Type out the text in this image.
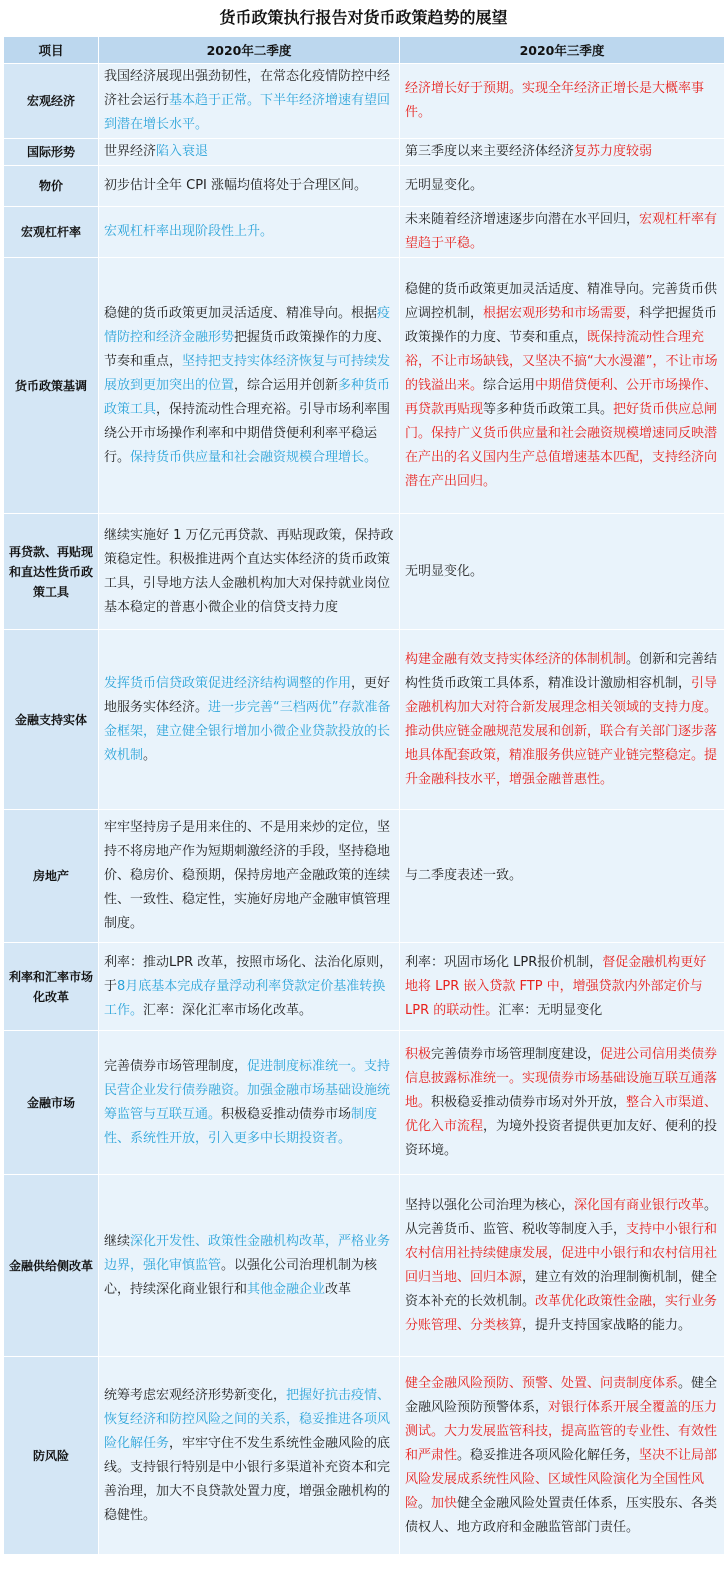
货币政策执行报告对货币政策趋势的展望
项目	2020年二季度	2020年三季度
宏观经济	我国经济展现出强劲韧性，在常态化疫情防控中经济社会运行基本趋于正常。下半年经济增速有望回到潜在增长水平。	经济增长好于预期。实现全年经济正增长是大概率事件。
国际形势	世界经济陷入衰退	第三季度以来主要经济体经济复苏力度较弱
物价	初步估计全年 CPI 涨幅均值将处于合理区间。	无明显变化。
宏观杠杆率	宏观杠杆率出现阶段性上升。	未来随着经济增速逐步向潜在水平回归，宏观杠杆率有望趋于平稳。
货币政策基调	稳健的货币政策更加灵活适度、精准导向。根据疫情防控和经济金融形势把握货币政策操作的力度、节奏和重点，坚持把支持实体经济恢复与可持续发展放到更加突出的位置，综合运用并创新多种货币政策工具，保持流动性合理充裕。引导市场利率围绕公开市场操作利率和中期借贷便利利率平稳运行。保持货币供应量和社会融资规模合理增长。	稳健的货币政策更加灵活适度、精准导向。完善货币供应调控机制，根据宏观形势和市场需要，科学把握货币政策操作的力度、节奏和重点，既保持流动性合理充裕，不让市场缺钱，又坚决不搞“大水漫灌”，不让市场的钱溢出来。综合运用中期借贷便利、公开市场操作、再贷款再贴现等多种货币政策工具。把好货币供应总闸门。保持广义货币供应量和社会融资规模增速同反映潜在产出的名义国内生产总值增速基本匹配，支持经济向潜在产出回归。
再贷款、再贴现和直达性货币政策工具	继续实施好 1 万亿元再贷款、再贴现政策，保持政策稳定性。积极推进两个直达实体经济的货币政策工具，引导地方法人金融机构加大对保持就业岗位基本稳定的普惠小微企业的信贷支持力度	无明显变化。
金融支持实体	发挥货币信贷政策促进经济结构调整的作用，更好地服务实体经济。进一步完善“三档两优”存款准备金框架，建立健全银行增加小微企业贷款投放的长效机制。	构建金融有效支持实体经济的体制机制。创新和完善结构性货币政策工具体系，精准设计激励相容机制，引导金融机构加大对符合新发展理念相关领域的支持力度。推动供应链金融规范发展和创新，联合有关部门逐步落地具体配套政策，精准服务供应链产业链完整稳定。提升金融科技水平，增强金融普惠性。
房地产	牢牢坚持房子是用来住的、不是用来炒的定位，坚持不将房地产作为短期刺激经济的手段，坚持稳地价、稳房价、稳预期，保持房地产金融政策的连续性、一致性、稳定性，实施好房地产金融审慎管理制度。	与二季度表述一致。
利率和汇率市场化改革	利率：推动LPR 改革，按照市场化、法治化原则，于8月底基本完成存量浮动利率贷款定价基准转换工作。汇率：深化汇率市场化改革。	利率：巩固市场化 LPR报价机制，督促金融机构更好地将 LPR 嵌入贷款 FTP 中，增强贷款内外部定价与 LPR 的联动性。汇率：无明显变化
金融市场	完善债券市场管理制度，促进制度标准统一。支持民营企业发行债券融资。加强金融市场基础设施统筹监管与互联互通。积极稳妥推动债券市场制度性、系统性开放，引入更多中长期投资者。	积极完善债券市场管理制度建设，促进公司信用类债券信息披露标准统一。实现债券市场基础设施互联互通落地。积极稳妥推动债券市场对外开放，整合入市渠道、优化入市流程，为境外投资者提供更加友好、便利的投资环境。
金融供给侧改革	继续深化开发性、政策性金融机构改革，严格业务边界，强化审慎监管。以强化公司治理机制为核心，持续深化商业银行和其他金融企业改革	坚持以强化公司治理为核心，深化国有商业银行改革。从完善货币、监管、税收等制度入手，支持中小银行和农村信用社持续健康发展，促进中小银行和农村信用社回归当地、回归本源，建立有效的治理制衡机制，健全资本补充的长效机制。改革优化政策性金融，实行业务分账管理、分类核算，提升支持国家战略的能力。
防风险	统筹考虑宏观经济形势新变化，把握好抗击疫情、恢复经济和防控风险之间的关系，稳妥推进各项风险化解任务，牢牢守住不发生系统性金融风险的底线。支持银行特别是中小银行多渠道补充资本和完善治理，加大不良贷款处置力度，增强金融机构的稳健性。	健全金融风险预防、预警、处置、问责制度体系。健全金融风险预防预警体系，对银行体系开展全覆盖的压力测试。大力发展监管科技，提高监管的专业性、有效性和严肃性。稳妥推进各项风险化解任务，坚决不让局部风险发展成系统性风险、区域性风险演化为全国性风险。加快健全金融风险处置责任体系，压实股东、各类债权人、地方政府和金融监管部门责任。
